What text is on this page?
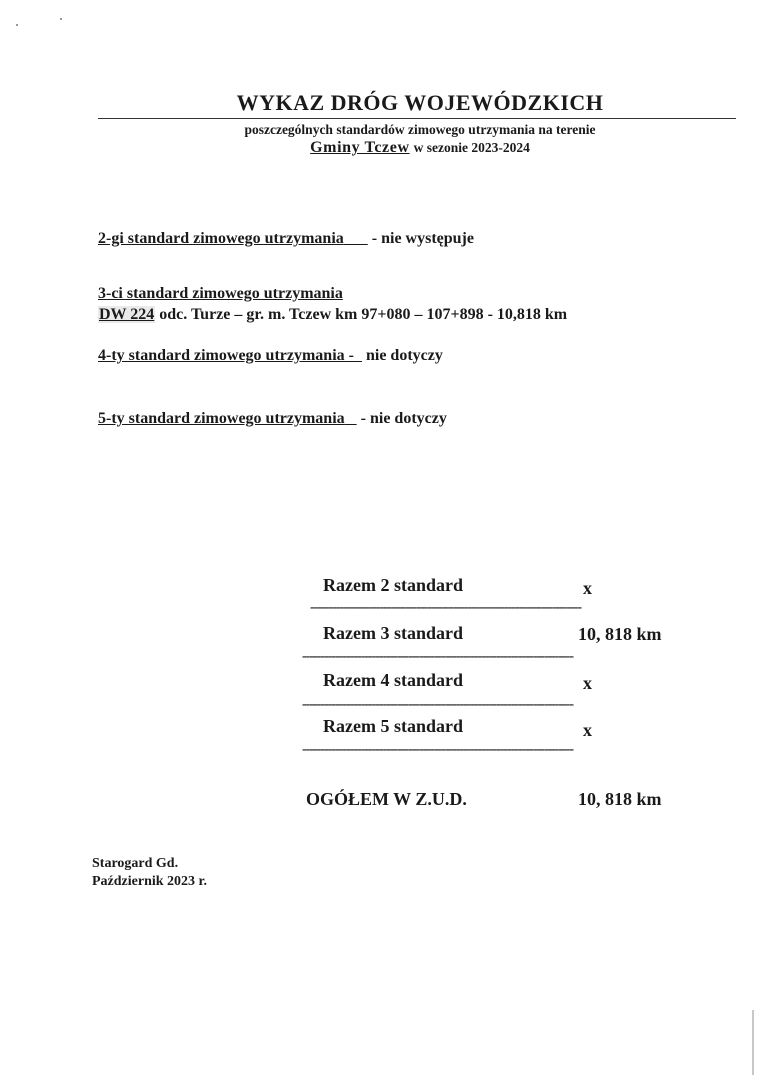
WYKAZ DRÓG WOJEWÓDZKICH
poszczególnych standardów zimowego utrzymania na terenie
Gminy Tczew w sezonie 2023-2024
2-gi standard zimowego utrzymania - nie występuje
3-ci standard zimowego utrzymania
DW 224 odc. Turze – gr. m. Tczew km 97+080 – 107+898 - 10,818 km
4-ty standard zimowego utrzymania - nie dotyczy
5-ty standard zimowego utrzymania - nie dotyczy
Razem 2 standard	x
--------------------------------------------------------------------------
Razem 3 standard	10, 818 km
--------------------------------------------------------------------------
Razem 4 standard	x
--------------------------------------------------------------------------
Razem 5 standard	x
--------------------------------------------------------------------------
OGÓŁEM W Z.U.D.	10, 818 km
Starogard Gd.
Październik 2023 r.
